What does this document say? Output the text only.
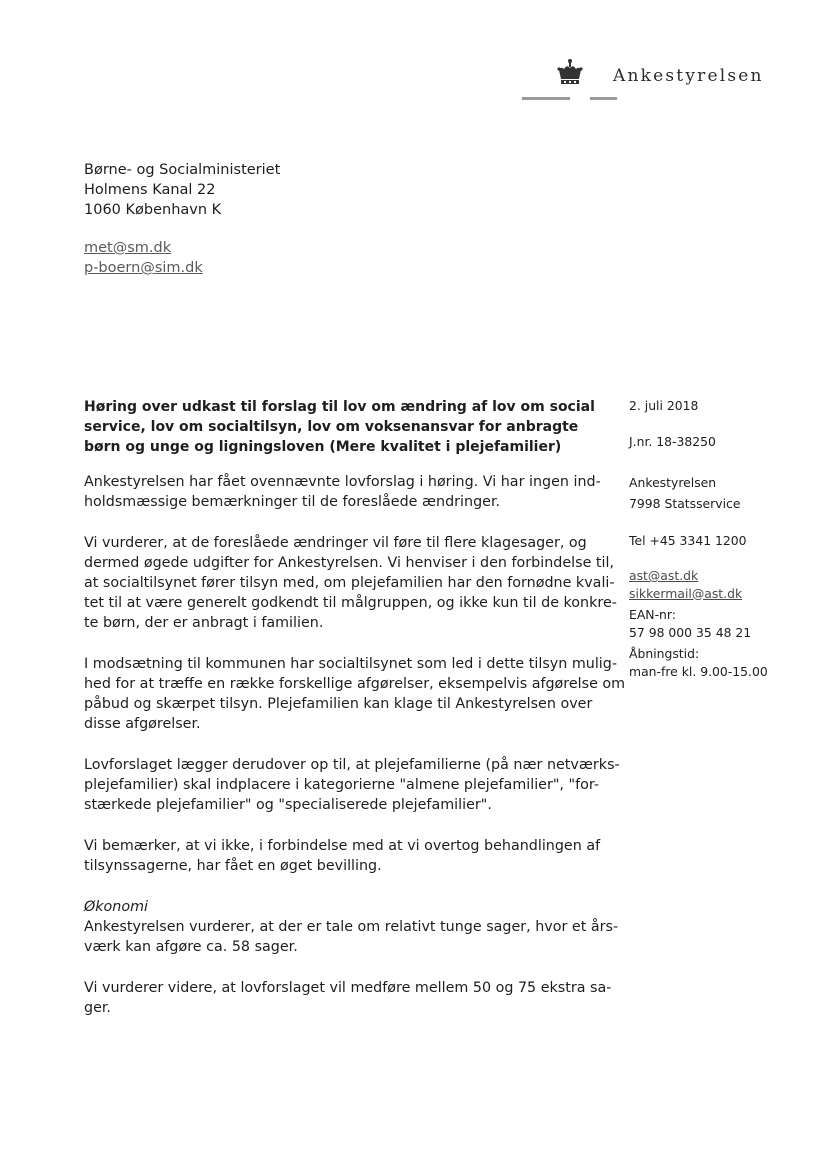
Ankestyrelsen
Børne- og Socialministeriet
Holmens Kanal 22
1060 København K
met@sm.dk
p-boern@sim.dk
Høring over udkast til forslag til lov om ændring af lov om social
service, lov om socialtilsyn, lov om voksenansvar for anbragte
børn og unge og ligningsloven (Mere kvalitet i plejefamilier)

Ankestyrelsen har fået ovennævnte lovforslag i høring. Vi har ingen ind-
holdsmæssige bemærkninger til de foreslåede ændringer.

Vi vurderer, at de foreslåede ændringer vil føre til flere klagesager, og
dermed øgede udgifter for Ankestyrelsen. Vi henviser i den forbindelse til,
at socialtilsynet fører tilsyn med, om plejefamilien har den fornødne kvali-
tet til at være generelt godkendt til målgruppen, og ikke kun til de konkre-
te børn, der er anbragt i familien.

I modsætning til kommunen har socialtilsynet som led i dette tilsyn mulig-
hed for at træffe en række forskellige afgørelser, eksempelvis afgørelse om
påbud og skærpet tilsyn. Plejefamilien kan klage til Ankestyrelsen over
disse afgørelser.

Lovforslaget lægger derudover op til, at plejefamilierne (på nær netværks-
plejefamilier) skal indplacere i kategorierne "almene plejefamilier", "for-
stærkede plejefamilier" og "specialiserede plejefamilier".

Vi bemærker, at vi ikke, i forbindelse med at vi overtog behandlingen af
tilsynssagerne, har fået en øget bevilling.

Økonomi
Ankestyrelsen vurderer, at der er tale om relativt tunge sager, hvor et års-
værk kan afgøre ca. 58 sager.

Vi vurderer videre, at lovforslaget vil medføre mellem 50 og 75 ekstra sa-
ger.

2. juli 2018
J.nr. 18-38250
Ankestyrelsen
7998 Statsservice
Tel +45 3341 1200
ast@ast.dk
sikkermail@ast.dk
EAN-nr:
57 98 000 35 48 21
Åbningstid:
man-fre kl. 9.00-15.00
